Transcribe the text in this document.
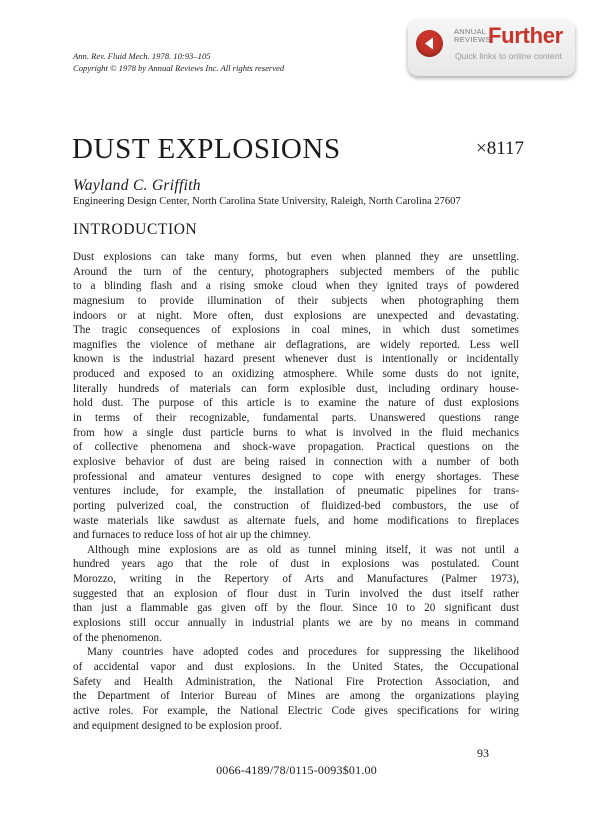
Ann. Rev. Fluid Mech. 1978. 10:93–105
Copyright © 1978 by Annual Reviews Inc. All rights reserved
ANNUAL
REVIEWS
Further
Quick links to online content
DUST EXPLOSIONS	×8117
Wayland C. Griffith
Engineering Design Center, North Carolina State University, Raleigh, North Carolina 27607
INTRODUCTION
Dust explosions can take many forms, but even when planned they are unsettling.
Around the turn of the century, photographers subjected members of the public
to a blinding flash and a rising smoke cloud when they ignited trays of powdered
magnesium to provide illumination of their subjects when photographing them
indoors or at night. More often, dust explosions are unexpected and devastating.
The tragic consequences of explosions in coal mines, in which dust sometimes
magnifies the violence of methane air deflagrations, are widely reported. Less well
known is the industrial hazard present whenever dust is intentionally or incidentally
produced and exposed to an oxidizing atmosphere. While some dusts do not ignite,
literally hundreds of materials can form explosible dust, including ordinary house-
hold dust. The purpose of this article is to examine the nature of dust explosions
in terms of their recognizable, fundamental parts. Unanswered questions range
from how a single dust particle burns to what is involved in the fluid mechanics
of collective phenomena and shock-wave propagation. Practical questions on the
explosive behavior of dust are being raised in connection with a number of both
professional and amateur ventures designed to cope with energy shortages. These
ventures include, for example, the installation of pneumatic pipelines for trans-
porting pulverized coal, the construction of fluidized-bed combustors, the use of
waste materials like sawdust as alternate fuels, and home modifications to fireplaces
and furnaces to reduce loss of hot air up the chimney.
Although mine explosions are as old as tunnel mining itself, it was not until a
hundred years ago that the role of dust in explosions was postulated. Count
Morozzo, writing in the Repertory of Arts and Manufactures (Palmer 1973),
suggested that an explosion of flour dust in Turin involved the dust itself rather
than just a flammable gas given off by the flour. Since 10 to 20 significant dust
explosions still occur annually in industrial plants we are by no means in command
of the phenomenon.
Many countries have adopted codes and procedures for suppressing the likelihood
of accidental vapor and dust explosions. In the United States, the Occupational
Safety and Health Administration, the National Fire Protection Association, and
the Department of Interior Bureau of Mines are among the organizations playing
active roles. For example, the National Electric Code gives specifications for wiring
and equipment designed to be explosion proof.
93
0066-4189/78/0115-0093$01.00
